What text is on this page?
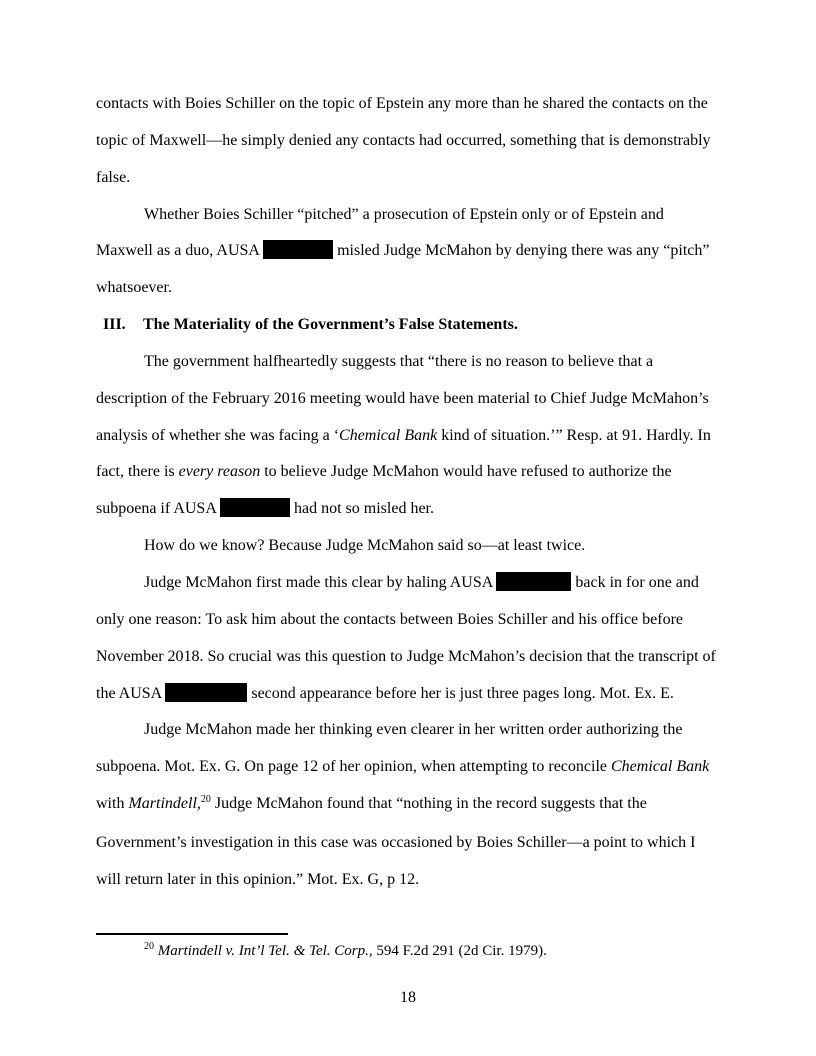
contacts with Boies Schiller on the topic of Epstein any more than he shared the contacts on the
topic of Maxwell—he simply denied any contacts had occurred, something that is demonstrably
false.
Whether Boies Schiller “pitched” a prosecution of Epstein only or of Epstein and
Maxwell as a duo, AUSA	misled Judge McMahon by denying there was any “pitch”
whatsoever.
III. The Materiality of the Government’s False Statements.
The government halfheartedly suggests that “there is no reason to believe that a
description of the February 2016 meeting would have been material to Chief Judge McMahon’s
analysis of whether she was facing a ‘Chemical Bank kind of situation.’” Resp. at 91. Hardly. In
fact, there is every reason to believe Judge McMahon would have refused to authorize the
subpoena if AUSA	had not so misled her.
How do we know? Because Judge McMahon said so—at least twice.
Judge McMahon first made this clear by haling AUSA	back in for one and
only one reason: To ask him about the contacts between Boies Schiller and his office before
November 2018. So crucial was this question to Judge McMahon’s decision that the transcript of
the AUSA	second appearance before her is just three pages long. Mot. Ex. E.
Judge McMahon made her thinking even clearer in her written order authorizing the
subpoena. Mot. Ex. G. On page 12 of her opinion, when attempting to reconcile Chemical Bank
with Martindell,$^{20}$ Judge McMahon found that “nothing in the record suggests that the
Government’s investigation in this case was occasioned by Boies Schiller—a point to which I
will return later in this opinion.” Mot. Ex. G, p 12.
$^{20}$ Martindell v. Int’l Tel. & Tel. Corp., 594 F.2d 291 (2d Cir. 1979).
18
